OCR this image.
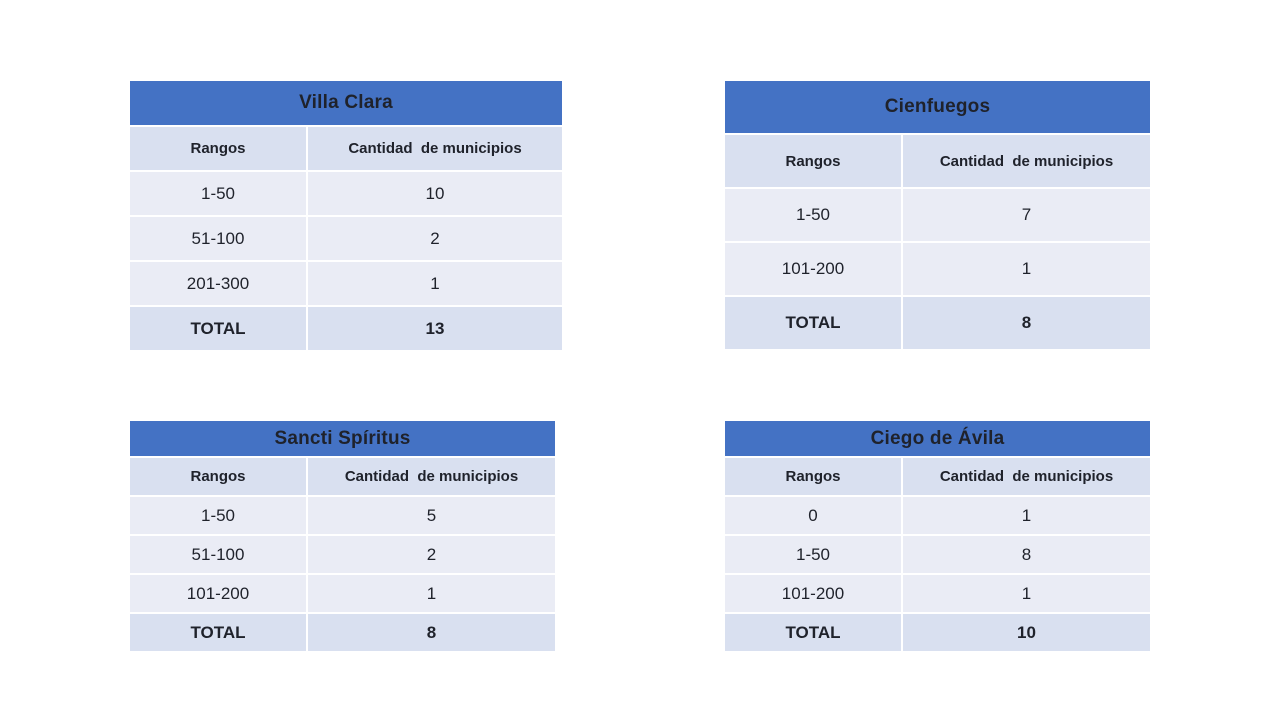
Villa Clara
Rangos	Cantidad  de municipios
1-50	10
51-100	2
201-300	1
TOTAL	13
Cienfuegos
Rangos	Cantidad  de municipios
1-50	7
101-200	1
TOTAL	8
Sancti Spíritus
Rangos	Cantidad  de municipios
1-50	5
51-100	2
101-200	1
TOTAL	8
Ciego de Ávila
Rangos	Cantidad  de municipios
0	1
1-50	8
101-200	1
TOTAL	10
